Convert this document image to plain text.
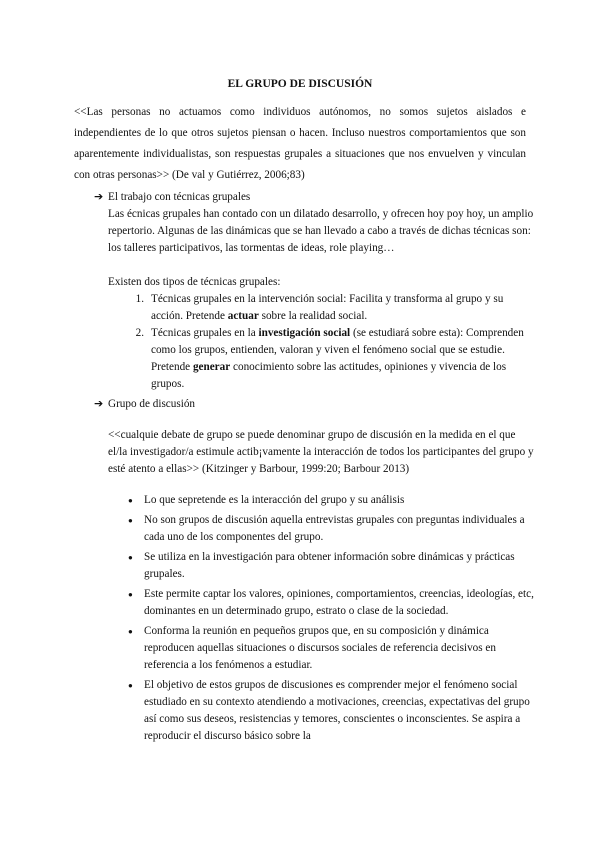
EL GRUPO DE DISCUSIÓN

<<Las personas no actuamos como individuos autónomos, no somos sujetos aislados e independientes de lo que otros sujetos piensan o hacen. Incluso nuestros comportamientos que son aparentemente individualistas, son respuestas grupales a situaciones que nos envuelven y vinculan con otras personas>> (De val y Gutiérrez, 2006;83)

➔ El trabajo con técnicas grupales

Las écnicas grupales han contado con un dilatado desarrollo, y ofrecen hoy poy hoy, un amplio repertorio. Algunas de las dinámicas que se han llevado a cabo a través de dichas técnicas son: los talleres participativos, las tormentas de ideas, role playing…

Existen dos tipos de técnicas grupales:

1. Técnicas grupales en la intervención social: Facilita y transforma al grupo y su acción. Pretende actuar sobre la realidad social.
2. Técnicas grupales en la investigación social (se estudiará sobre esta): Comprenden como los grupos, entienden, valoran y viven el fenómeno social que se estudie. Pretende generar conocimiento sobre las actitudes, opiniones y vivencia de los grupos.
➔ Grupo de discusión

<<cualquie debate de grupo se puede denominar grupo de discusión en la medida en el que el/la investigador/a estimule actib¡vamente la interacción de todos los participantes del grupo y esté atento a ellas>> (Kitzinger y Barbour, 1999:20; Barbour 2013)

● Lo que sepretende es la interacción del grupo y su análisis
● No son grupos de discusión aquella entrevistas grupales con preguntas individuales a cada uno de los componentes del grupo.
● Se utiliza en la investigación para obtener información sobre dinámicas y prácticas grupales.
● Este permite captar los valores, opiniones, comportamientos, creencias, ideologías, etc, dominantes en un determinado grupo, estrato o clase de la sociedad.
● Conforma la reunión en pequeños grupos que, en su composición y dinámica reproducen aquellas situaciones o discursos sociales de referencia decisivos en referencia a los fenómenos a estudiar.
● El objetivo de estos grupos de discusiones es comprender mejor el fenómeno social estudiado en su contexto atendiendo a motivaciones, creencias, expectativas del grupo así como sus deseos, resistencias y temores, conscientes o inconscientes. Se aspira a reproducir el discurso básico sobre la
